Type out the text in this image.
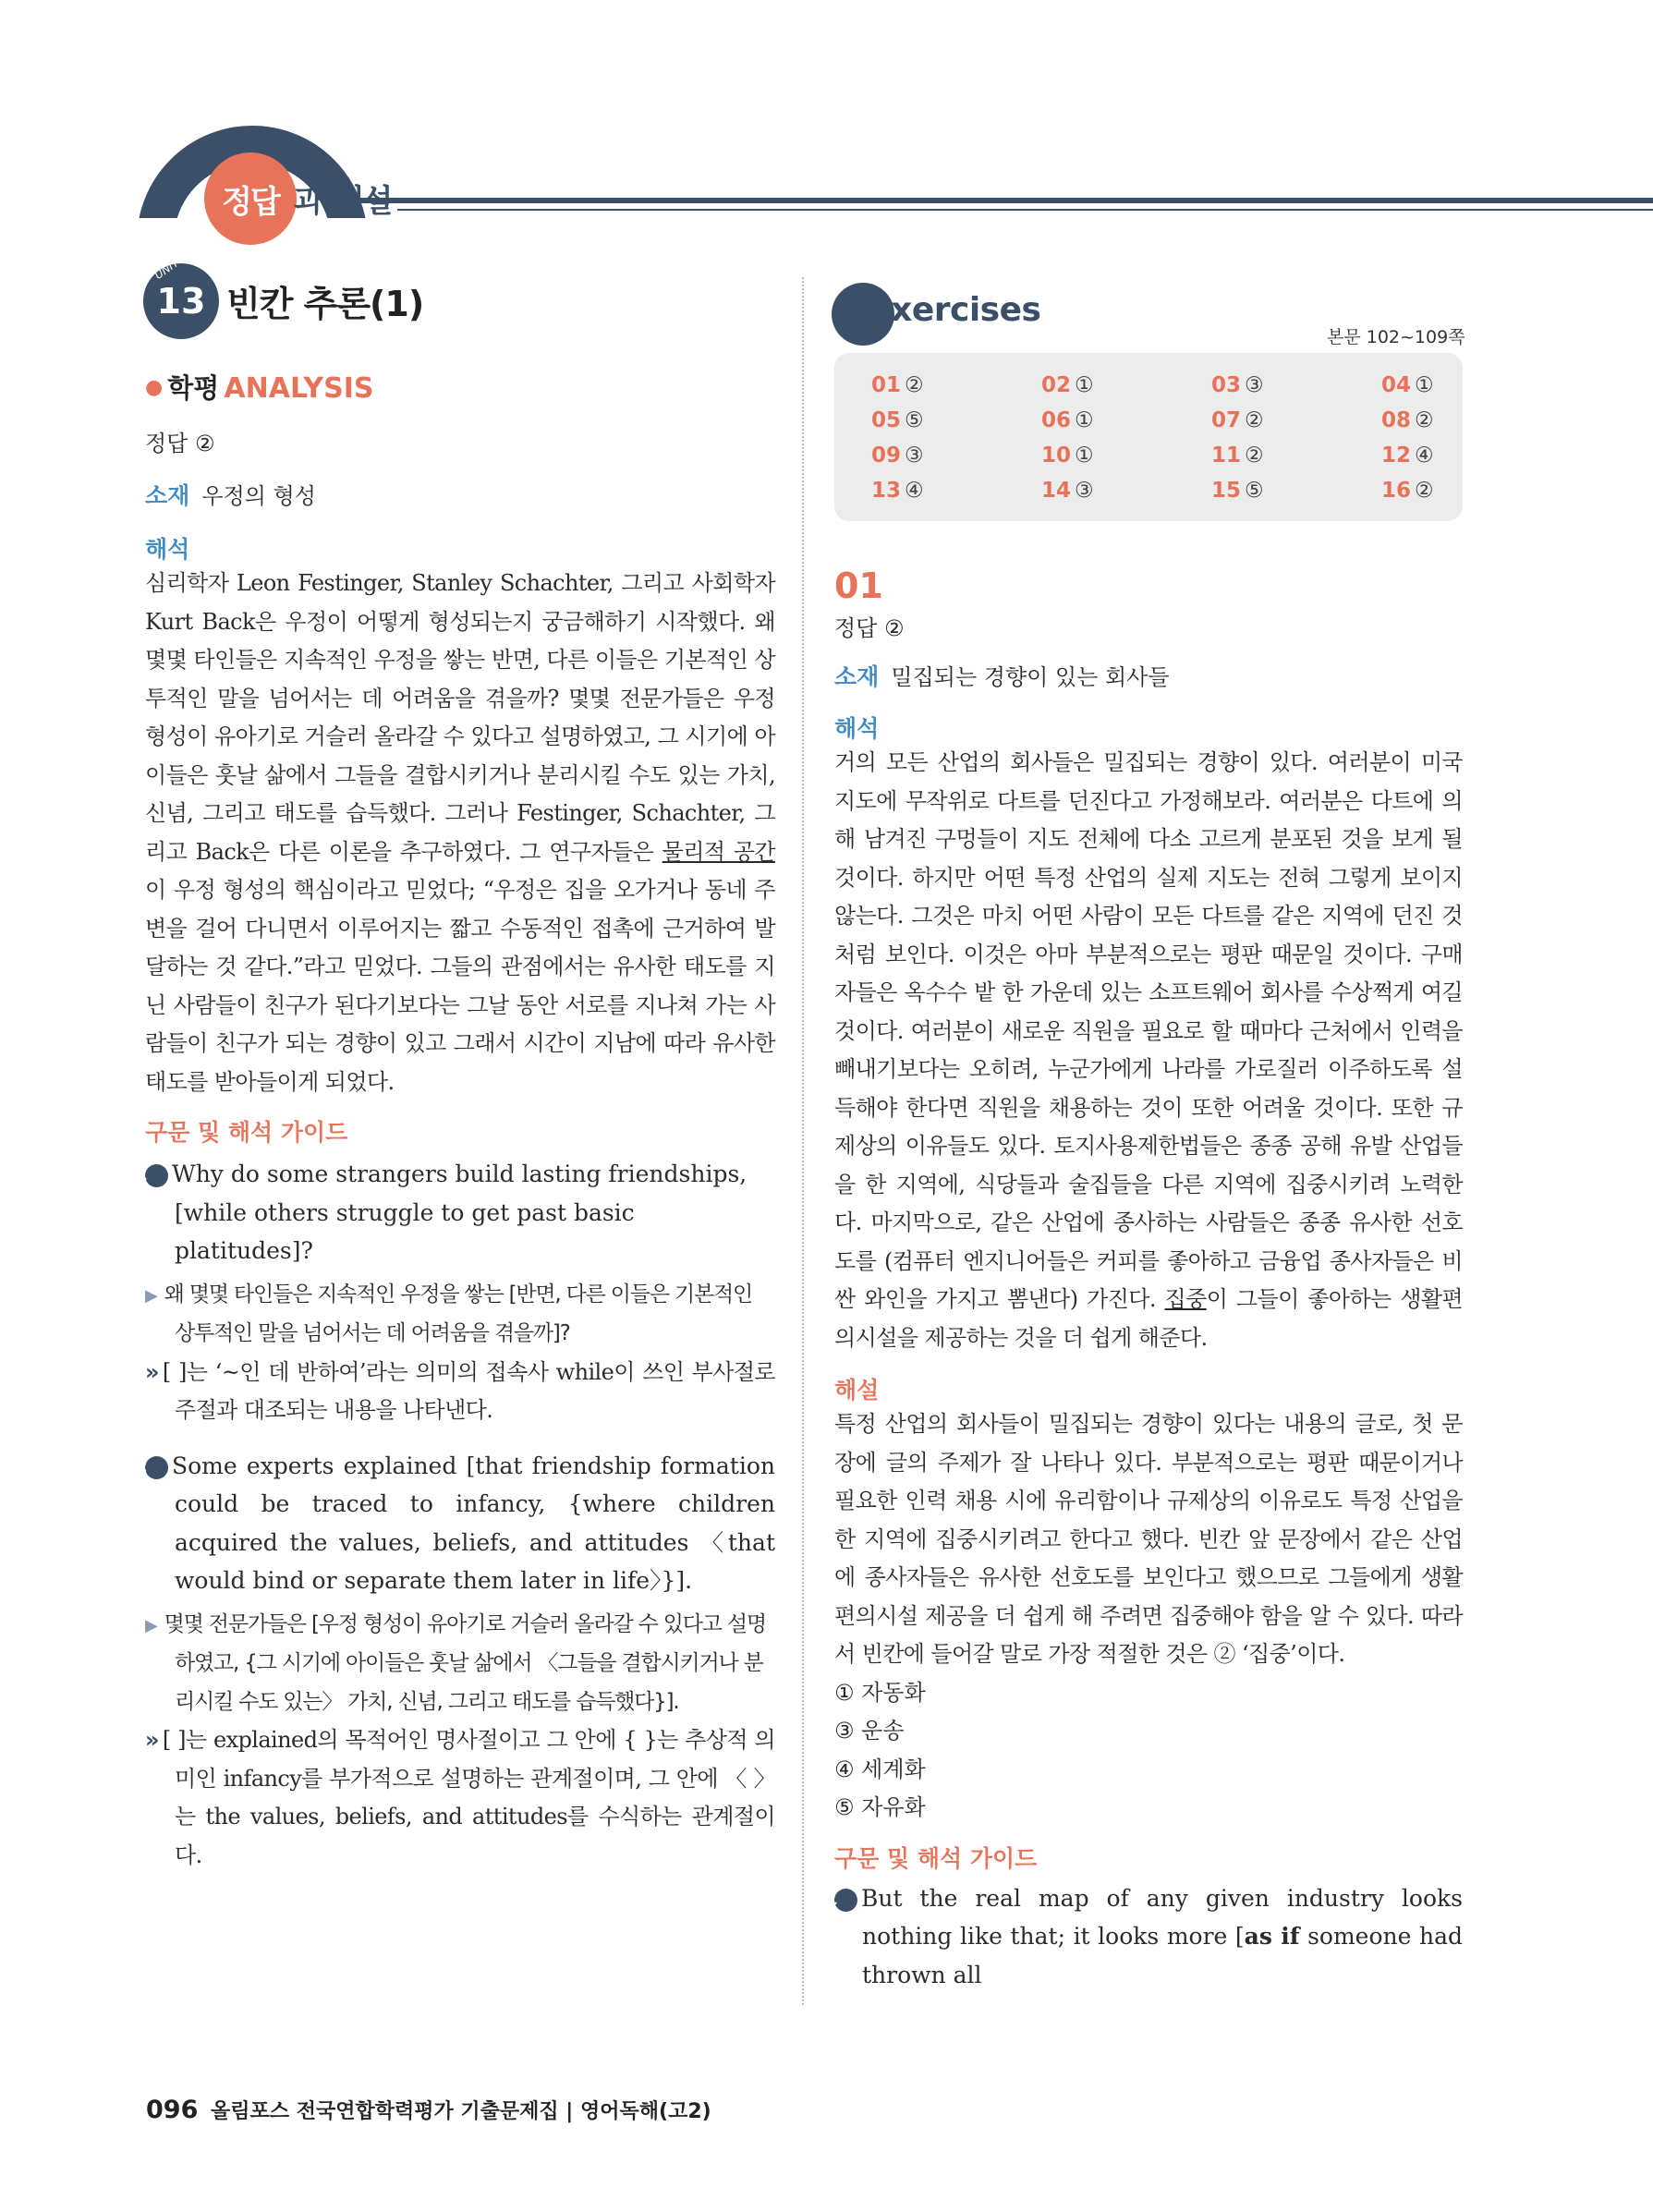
정답 과 해설
13
UNIT
빈칸 추론(1)
● 학평 ANALYSIS
정답 ②
소재 우정의 형성
해석

심리학자 Leon Festinger, Stanley Schachter, 그리고 사회학자 Kurt Back은 우정이 어떻게 형성되는지 궁금해하기 시작했다. 왜 몇몇 타인들은 지속적인 우정을 쌓는 반면, 다른 이들은 기본적인 상투적인 말을 넘어서는 데 어려움을 겪을까? 몇몇 전문가들은 우정 형성이 유아기로 거슬러 올라갈 수 있다고 설명하였고, 그 시기에 아이들은 훗날 삶에서 그들을 결합시키거나 분리시킬 수도 있는 가치, 신념, 그리고 태도를 습득했다. 그러나 Festinger, Schachter, 그리고 Back은 다른 이론을 추구하였다. 그 연구자들은 물리적 공간이 우정 형성의 핵심이라고 믿었다; “우정은 집을 오가거나 동네 주변을 걸어 다니면서 이루어지는 짧고 수동적인 접촉에 근거하여 발달하는 것 같다.”라고 믿었다. 그들의 관점에서는 유사한 태도를 지닌 사람들이 친구가 된다기보다는 그날 동안 서로를 지나쳐 가는 사람들이 친구가 되는 경향이 있고 그래서 시간이 지남에 따라 유사한 태도를 받아들이게 되었다.

구문 및 해석 가이드

1 Why do some strangers build lasting friendships, [while others struggle to get past basic platitudes]?

▶ 왜 몇몇 타인들은 지속적인 우정을 쌓는 [반면, 다른 이들은 기본적인 상투적인 말을 넘어서는 데 어려움을 겪을까]?

» [ ]는 ‘~인 데 반하여’라는 의미의 접속사 while이 쓰인 부사절로 주절과 대조되는 내용을 나타낸다.

2 Some experts explained [that friendship formation could be traced to infancy, {where children acquired the values, beliefs, and attitudes 〈that would bind or separate them later in life〉}].

▶ 몇몇 전문가들은 [우정 형성이 유아기로 거슬러 올라갈 수 있다고 설명하였고, {그 시기에 아이들은 훗날 삶에서 〈그들을 결합시키거나 분리시킬 수도 있는〉 가치, 신념, 그리고 태도를 습득했다}].

» [ ]는 explained의 목적어인 명사절이고 그 안에 { }는 추상적 의미인 infancy를 부가적으로 설명하는 관계절이며, 그 안에 〈 〉는 the values, beliefs, and attitudes를 수식하는 관계절이다.

Exercises
본문 102~109쪽
01 ②	02 ①	03 ③	04 ①
05 ⑤	06 ①	07 ②	08 ②
09 ③	10 ①	11 ②	12 ④
13 ④	14 ③	15 ⑤	16 ②
01
정답 ②
소재 밀집되는 경향이 있는 회사들
해석

거의 모든 산업의 회사들은 밀집되는 경향이 있다. 여러분이 미국 지도에 무작위로 다트를 던진다고 가정해보라. 여러분은 다트에 의해 남겨진 구멍들이 지도 전체에 다소 고르게 분포된 것을 보게 될 것이다. 하지만 어떤 특정 산업의 실제 지도는 전혀 그렇게 보이지 않는다. 그것은 마치 어떤 사람이 모든 다트를 같은 지역에 던진 것처럼 보인다. 이것은 아마 부분적으로는 평판 때문일 것이다. 구매자들은 옥수수 밭 한 가운데 있는 소프트웨어 회사를 수상쩍게 여길 것이다. 여러분이 새로운 직원을 필요로 할 때마다 근처에서 인력을 빼내기보다는 오히려, 누군가에게 나라를 가로질러 이주하도록 설득해야 한다면 직원을 채용하는 것이 또한 어려울 것이다. 또한 규제상의 이유들도 있다. 토지사용제한법들은 종종 공해 유발 산업들을 한 지역에, 식당들과 술집들을 다른 지역에 집중시키려 노력한다. 마지막으로, 같은 산업에 종사하는 사람들은 종종 유사한 선호도를 (컴퓨터 엔지니어들은 커피를 좋아하고 금융업 종사자들은 비싼 와인을 가지고 뽐낸다) 가진다. 집중이 그들이 좋아하는 생활편의시설을 제공하는 것을 더 쉽게 해준다.

해설

특정 산업의 회사들이 밀집되는 경향이 있다는 내용의 글로, 첫 문장에 글의 주제가 잘 나타나 있다. 부분적으로는 평판 때문이거나 필요한 인력 채용 시에 유리함이나 규제상의 이유로도 특정 산업을 한 지역에 집중시키려고 한다고 했다. 빈칸 앞 문장에서 같은 산업에 종사자들은 유사한 선호도를 보인다고 했으므로 그들에게 생활편의시설 제공을 더 쉽게 해 주려면 집중해야 함을 알 수 있다. 따라서 빈칸에 들어갈 말로 가장 적절한 것은 ② ‘집중’이다.

① 자동화
③ 운송
④ 세계화
⑤ 자유화
구문 및 해석 가이드

1 But the real map of any given industry looks nothing like that; it looks more [as if someone had thrown all

096 올림포스 전국연합학력평가 기출문제집 | 영어독해(고2)
